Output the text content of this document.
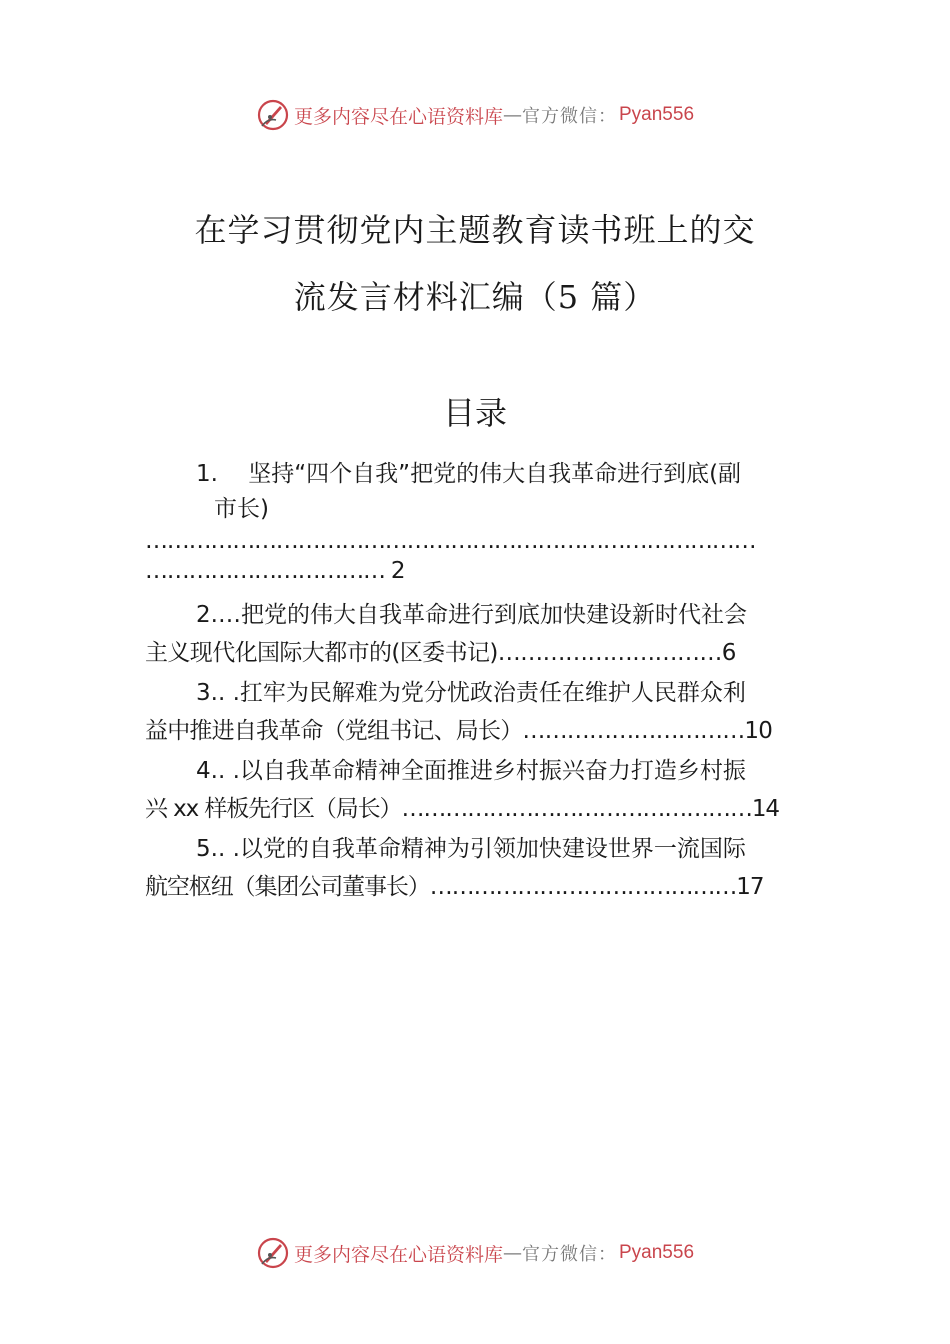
更多内容尽在心语资料库 — 官方微信： Pyan556
在学习贯彻党内主题教育读书班上的交
流发言材料汇编（5 篇）
目录
1.　 坚持“四个自我”把党的伟大自我革命进行到底(副
市长)
…………………………………………………………………………
…………………………… 2
2.…把党的伟大自我革命进行到底加快建设新时代社会
主义现代化国际大都市的(区委书记)…………………………6
3.. .扛牢为民解难为党分忧政治责任在维护人民群众利
益中推进自我革命（党组书记、局长）…………………………10
4.. .以自我革命精神全面推进乡村振兴奋力打造乡村振
兴 xx 样板先行区（局长）…………………………………………14
5.. .以党的自我革命精神为引领加快建设世界一流国际
航空枢纽（集团公司董事长）……………………………………17
更多内容尽在心语资料库 — 官方微信： Pyan556
